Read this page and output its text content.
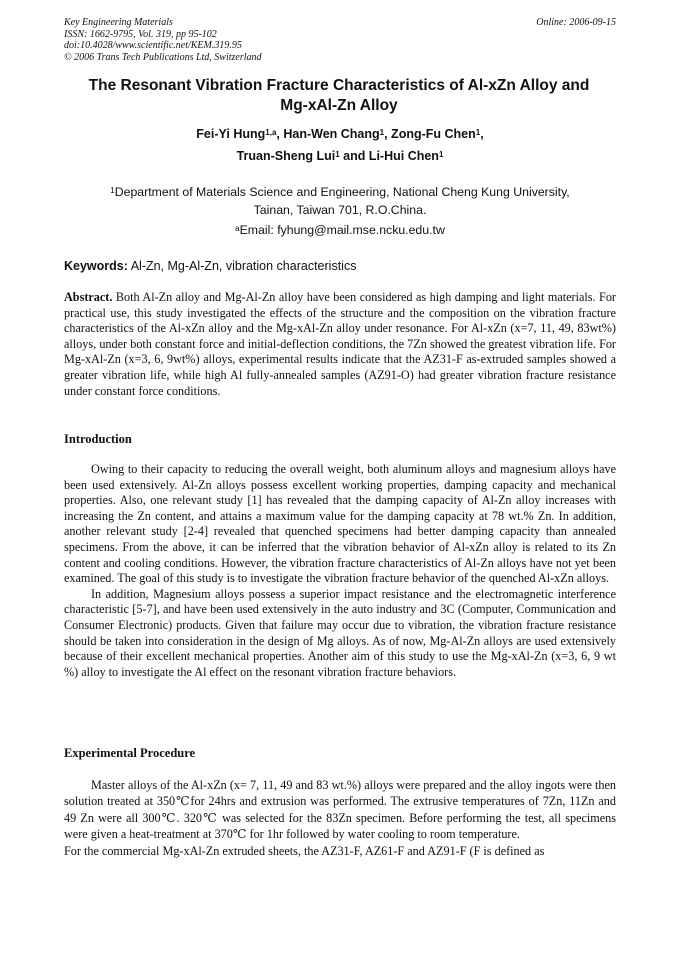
Key Engineering Materials
ISSN: 1662-9795, Vol. 319, pp 95-102
doi:10.4028/www.scientific.net/KEM.319.95
© 2006 Trans Tech Publications Ltd, Switzerland
Online: 2006-09-15
The Resonant Vibration Fracture Characteristics of Al-xZn Alloy and
Mg-xAl-Zn Alloy
Fei-Yi Hung$^{1,a}$, Han-Wen Chang$^1$, Zong-Fu Chen$^1$,
Truan-Sheng Lui$^1$ and Li-Hui Chen$^1$
$^1$Department of Materials Science and Engineering, National Cheng Kung University,
Tainan, Taiwan 701, R.O.China.
$^a$Email: fyhung@mail.mse.ncku.edu.tw
Keywords: Al-Zn, Mg-Al-Zn, vibration characteristics

Abstract. Both Al-Zn alloy and Mg-Al-Zn alloy have been considered as high damping and light materials. For practical use, this study investigated the effects of the structure and the composition on the vibration fracture characteristics of the Al-xZn alloy and the Mg-xAl-Zn alloy under resonance. For Al-xZn (x=7, 11, 49, 83wt%) alloys, under both constant force and initial-deflection conditions, the 7Zn showed the greatest vibration life. For Mg-xAl-Zn (x=3, 6, 9wt%) alloys, experimental results indicate that the AZ31-F as-extruded samples showed a greater vibration life, while high Al fully-annealed samples (AZ91-O) had greater vibration fracture resistance under constant force conditions.

Introduction

Owing to their capacity to reducing the overall weight, both aluminum alloys and magnesium alloys have been used extensively. Al-Zn alloys possess excellent working properties, damping capacity and mechanical properties. Also, one relevant study [1] has revealed that the damping capacity of Al-Zn alloy increases with increasing the Zn content, and attains a maximum value for the damping capacity at 78 wt.% Zn. In addition, another relevant study [2-4] revealed that quenched specimens had better damping capacity than annealed specimens. From the above, it can be inferred that the vibration behavior of Al-xZn alloy is related to its Zn content and cooling conditions. However, the vibration fracture characteristics of Al-Zn alloys have not yet been examined. The goal of this study is to investigate the vibration fracture behavior of the quenched Al-xZn alloys.

In addition, Magnesium alloys possess a superior impact resistance and the electromagnetic interference characteristic [5-7], and have been used extensively in the auto industry and 3C (Computer, Communication and Consumer Electronic) products. Given that failure may occur due to vibration, the vibration fracture resistance should be taken into consideration in the design of Mg alloys. As of now, Mg-Al-Zn alloys are used extensively because of their excellent mechanical properties. Another aim of this study to use the Mg-xAl-Zn (x=3, 6, 9 wt %) alloy to investigate the Al effect on the resonant vibration fracture behaviors.

Experimental Procedure

Master alloys of the Al-xZn (x= 7, 11, 49 and 83 wt.%) alloys were prepared and the alloy ingots were then solution treated at 350℃for 24hrs and extrusion was performed. The extrusive temperatures of 7Zn, 11Zn and 49 Zn were all 300℃. 320℃ was selected for the 83Zn specimen. Before performing the test, all specimens were given a heat-treatment at 370℃ for 1hr followed by water cooling to room temperature.

For the commercial Mg-xAl-Zn extruded sheets, the AZ31-F, AZ61-F and AZ91-F (F is defined as
